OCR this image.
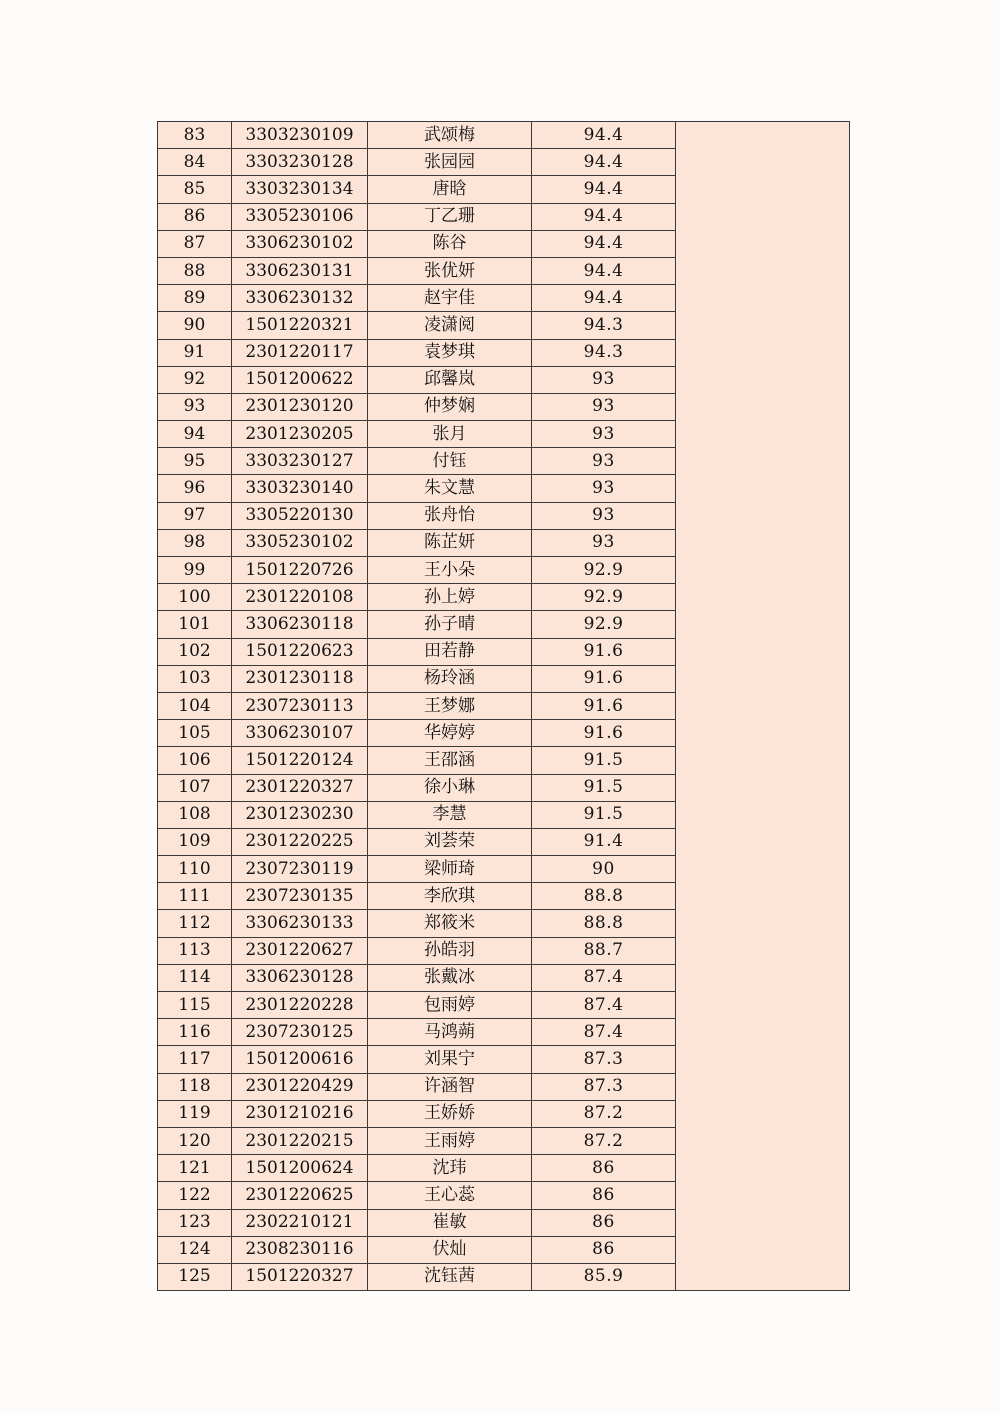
83	3303230109	武颂梅	94.4	
84	3303230128	张园园	94.4	
85	3303230134	唐晗	94.4	
86	3305230106	丁乙珊	94.4	
87	3306230102	陈谷	94.4	
88	3306230131	张优妍	94.4	
89	3306230132	赵宇佳	94.4	
90	1501220321	凌潇阅	94.3	
91	2301220117	袁梦琪	94.3	
92	1501200622	邱馨岚	93	
93	2301230120	仲梦娴	93	
94	2301230205	张月	93	
95	3303230127	付钰	93	
96	3303230140	朱文慧	93	
97	3305220130	张舟怡	93	
98	3305230102	陈芷妍	93	
99	1501220726	王小朵	92.9	
100	2301220108	孙上婷	92.9	
101	3306230118	孙子晴	92.9	
102	1501220623	田若静	91.6	
103	2301230118	杨玲涵	91.6	
104	2307230113	王梦娜	91.6	
105	3306230107	华婷婷	91.6	
106	1501220124	王邵涵	91.5	
107	2301220327	徐小琳	91.5	
108	2301230230	李慧	91.5	
109	2301220225	刘荟荣	91.4	
110	2307230119	梁师琦	90	
111	2307230135	李欣琪	88.8	
112	3306230133	郑筱米	88.8	
113	2301220627	孙皓羽	88.7	
114	3306230128	张戴冰	87.4	
115	2301220228	包雨婷	87.4	
116	2307230125	马鸿蒴	87.4	
117	1501200616	刘果宁	87.3	
118	2301220429	许涵智	87.3	
119	2301210216	王娇娇	87.2	
120	2301220215	王雨婷	87.2	
121	1501200624	沈玮	86	
122	2301220625	王心蕊	86	
123	2302210121	崔敏	86	
124	2308230116	伏灿	86	
125	1501220327	沈钰茜	85.9	
